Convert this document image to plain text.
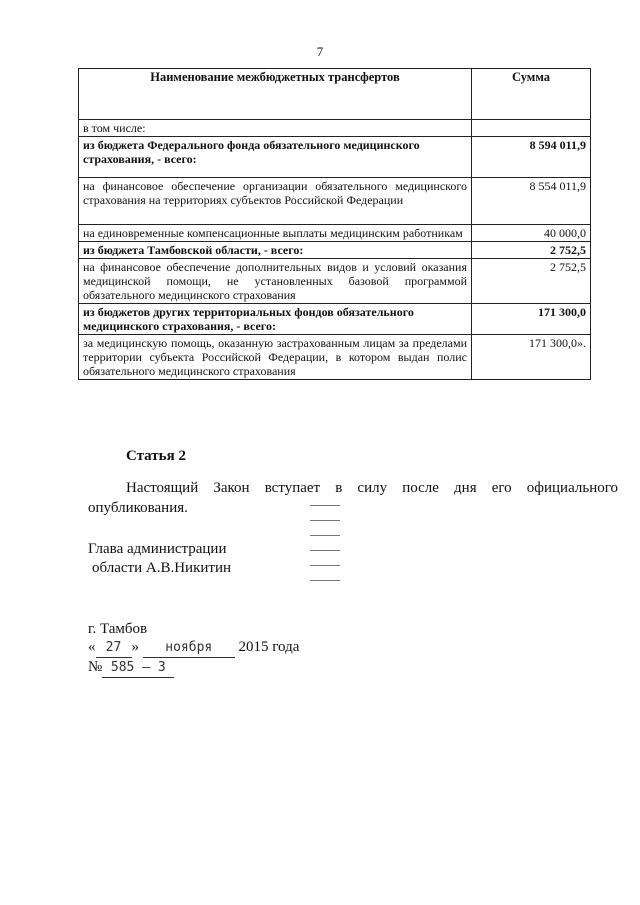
7
Наименование межбюджетных трансфертов	Сумма
в том числе:	
из бюджета Федерального фонда обязательного медицинского страхования, - всего:	8 594 011,9
на финансовое обеспечение организации обязательного медицинского страхования на территориях субъектов Российской Федерации	8 554 011,9
на единовременные компенсационные выплаты медицинским работникам	40 000,0
из бюджета Тамбовской области, - всего:	2 752,5
на финансовое обеспечение дополнительных видов и условий оказания медицинской помощи, не установленных базовой программой обязательного медицинского страхования	2 752,5
из бюджетов других территориальных фондов обязательного медицинского страхования, - всего:	171 300,0
за медицинскую помощь, оказанную застрахованным лицам за пределами территории субъекта Российской Федерации, в котором выдан полис обязательного медицинского страхования	171 300,0».
Статья 2
Настоящий Закон вступает в силу после дня его официального опубликования.
Глава администрации
области А.В.Никитин
г. Тамбов
« 27 » ноября 2015 года
№ 585 – З
